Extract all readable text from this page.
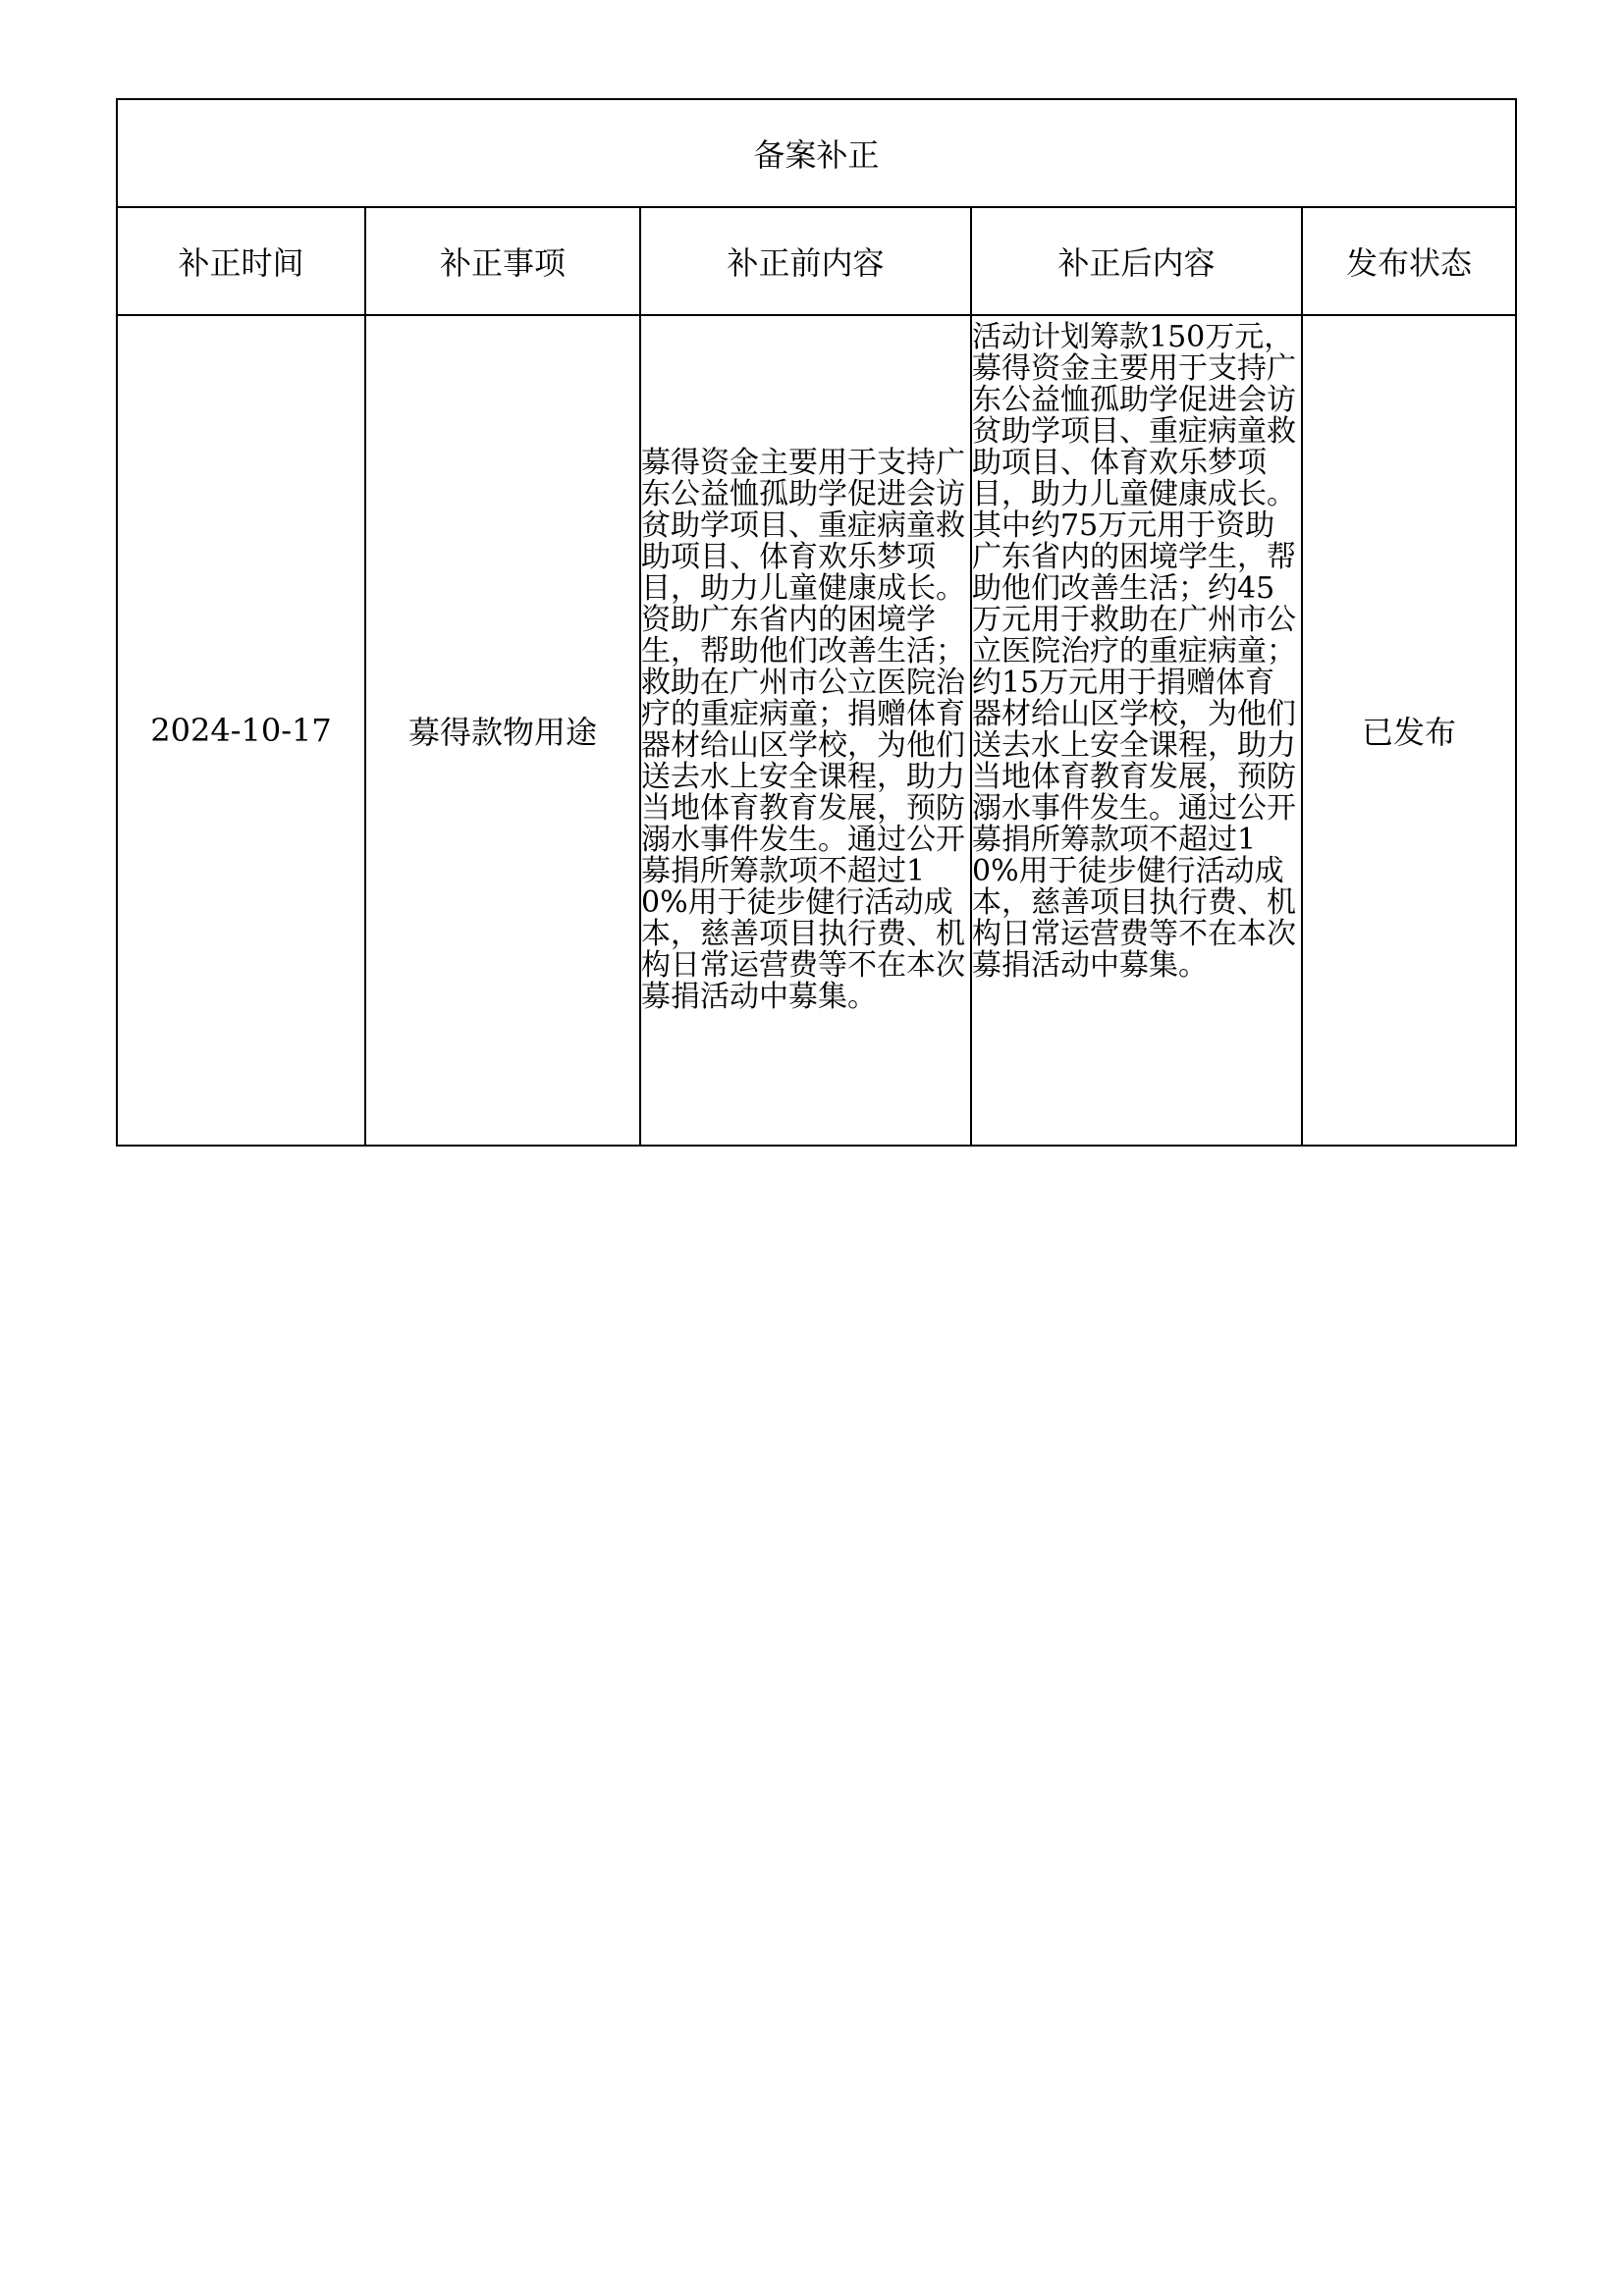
备案补正				
补正时间	补正事项	补正前内容	补正后内容	发布状态
2024-10-17	募得款物用途	募得资金主要用于支持广东公益恤孤助学促进会访贫助学项目、重症病童救助项目、体育欢乐梦项目，助力儿童健康成长。资助广东省内的困境学生，帮助他们改善生活；救助在广州市公立医院治疗的重症病童；捐赠体育器材给山区学校，为他们送去水上安全课程，助力当地体育教育发展，预防溺水事件发生。通过公开募捐所筹款项不超过10%用于徒步健行活动成本，慈善项目执行费、机构日常运营费等不在本次募捐活动中募集。	活动计划筹款150万元，募得资金主要用于支持广东公益恤孤助学促进会访贫助学项目、重症病童救助项目、体育欢乐梦项目，助力儿童健康成长。其中约75万元用于资助广东省内的困境学生，帮助他们改善生活；约45万元用于救助在广州市公立医院治疗的重症病童；约15万元用于捐赠体育器材给山区学校，为他们送去水上安全课程，助力当地体育教育发展，预防溺水事件发生。通过公开募捐所筹款项不超过10%用于徒步健行活动成本，慈善项目执行费、机构日常运营费等不在本次募捐活动中募集。	已发布
